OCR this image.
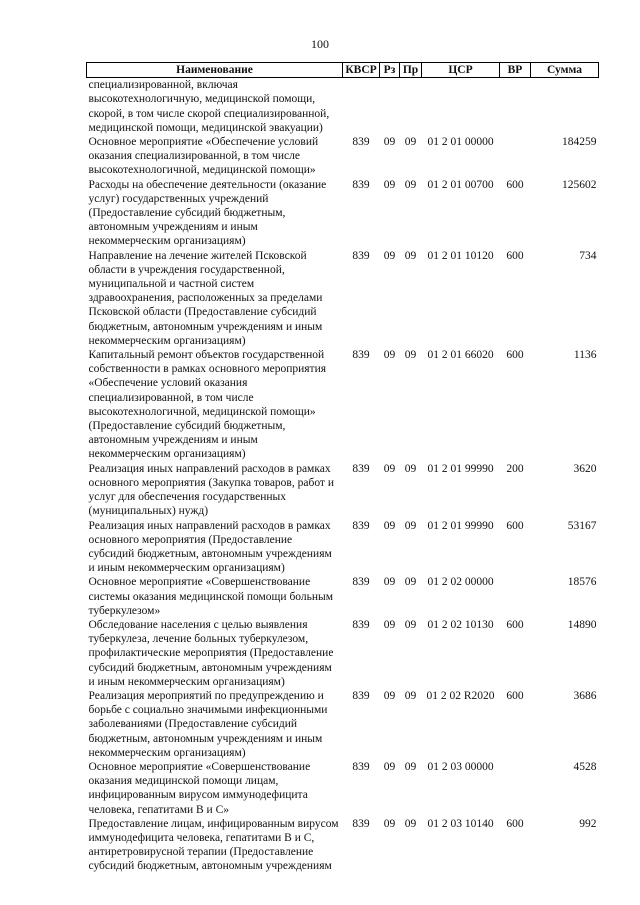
100
Наименование	КВСР	Рз	Пр	ЦСР	ВР	Сумма
специализированной, включая высокотехнологичную, медицинской помощи, скорой, в том числе скорой специализированной, медицинской помощи, медицинской эвакуации)						
Основное мероприятие «Обеспечение условий оказания специализированной, в том числе высокотехнологичной, медицинской помощи»	839	09	09	01 2 01 00000		184259
Расходы на обеспечение деятельности (оказание услуг) государственных учреждений (Предоставление субсидий бюджетным, автономным учреждениям и иным некоммерческим организациям)	839	09	09	01 2 01 00700	600	125602
Направление на лечение жителей Псковской области в учреждения государственной, муниципальной и частной систем здравоохранения, расположенных за пределами Псковской области (Предоставление субсидий бюджетным, автономным учреждениям и иным некоммерческим организациям)	839	09	09	01 2 01 10120	600	734
Капитальный ремонт объектов государственной собственности в рамках основного мероприятия «Обеспечение условий оказания специализированной, в том числе высокотехнологичной, медицинской помощи» (Предоставление субсидий бюджетным, автономным учреждениям и иным некоммерческим организациям)	839	09	09	01 2 01 66020	600	1136
Реализация иных направлений расходов в рамках основного мероприятия (Закупка товаров, работ и услуг для обеспечения государственных (муниципальных) нужд)	839	09	09	01 2 01 99990	200	3620
Реализация иных направлений расходов в рамках основного мероприятия (Предоставление субсидий бюджетным, автономным учреждениям и иным некоммерческим организациям)	839	09	09	01 2 01 99990	600	53167
Основное мероприятие «Совершенствование системы оказания медицинской помощи больным туберкулезом»	839	09	09	01 2 02 00000		18576
Обследование населения с целью выявления туберкулеза, лечение больных туберкулезом, профилактические мероприятия (Предоставление субсидий бюджетным, автономным учреждениям и иным некоммерческим организациям)	839	09	09	01 2 02 10130	600	14890
Реализация мероприятий по предупреждению и борьбе с социально значимыми инфекционными заболеваниями (Предоставление субсидий бюджетным, автономным учреждениям и иным некоммерческим организациям)	839	09	09	01 2 02 R2020	600	3686
Основное мероприятие «Совершенствование оказания медицинской помощи лицам, инфицированным вирусом иммунодефицита человека, гепатитами В и С»	839	09	09	01 2 03 00000		4528
Предоставление лицам, инфицированным вирусом иммунодефицита человека, гепатитами В и С, антиретровирусной терапии (Предоставление субсидий бюджетным, автономным учреждениям	839	09	09	01 2 03 10140	600	992
